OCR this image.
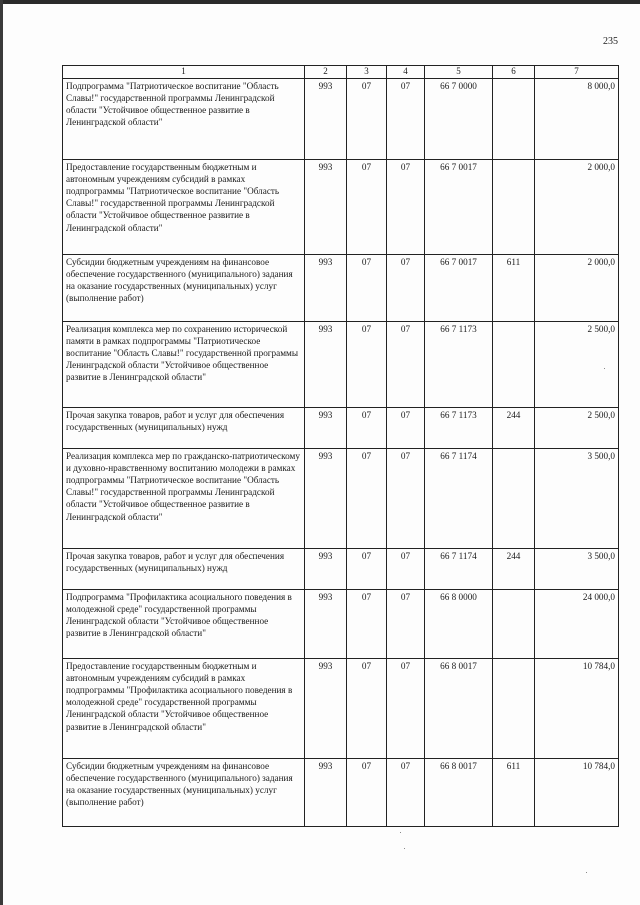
235
1	2	3	4	5	6	7
Подпрограмма "Патриотическое воспитание "Область Славы!" государственной программы Ленинградской области "Устойчивое общественное развитие в Ленинградской области"	993	07	07	66 7 0000		8 000,0
Предоставление государственным бюджетным и автономным учреждениям субсидий в рамках подпрограммы "Патриотическое воспитание "Область Славы!" государственной программы Ленинградской области "Устойчивое общественное развитие в Ленинградской области"	993	07	07	66 7 0017		2 000,0
Субсидии бюджетным учреждениям на финансовое обеспечение государственного (муниципального) задания на оказание государственных (муниципальных) услуг (выполнение работ)	993	07	07	66 7 0017	611	2 000,0
Реализация комплекса мер по сохранению исторической памяти в рамках подпрограммы "Патриотическое воспитание "Область Славы!" государственной программы Ленинградской области "Устойчивое общественное развитие в Ленинградской области"	993	07	07	66 7 1173		2 500,0
Прочая закупка товаров, работ и услуг для обеспечения государственных (муниципальных) нужд	993	07	07	66 7 1173	244	2 500,0
Реализация комплекса мер по гражданско-патриотическому и духовно-нравственному воспитанию молодежи в рамках подпрограммы "Патриотическое воспитание "Область Славы!" государственной программы Ленинградской области "Устойчивое общественное развитие в Ленинградской области"	993	07	07	66 7 1174		3 500,0
Прочая закупка товаров, работ и услуг для обеспечения государственных (муниципальных) нужд	993	07	07	66 7 1174	244	3 500,0
Подпрограмма "Профилактика асоциального поведения в молодежной среде" государственной программы Ленинградской области "Устойчивое общественное развитие в Ленинградской области"	993	07	07	66 8 0000		24 000,0
Предоставление государственным бюджетным и автономным учреждениям субсидий в рамках подпрограммы "Профилактика асоциального поведения в молодежной среде" государственной программы Ленинградской области "Устойчивое общественное развитие в Ленинградской области"	993	07	07	66 8 0017		10 784,0
Субсидии бюджетным учреждениям на финансовое обеспечение государственного (муниципального) задания на оказание государственных (муниципальных) услуг (выполнение работ)	993	07	07	66 8 0017	611	10 784,0
